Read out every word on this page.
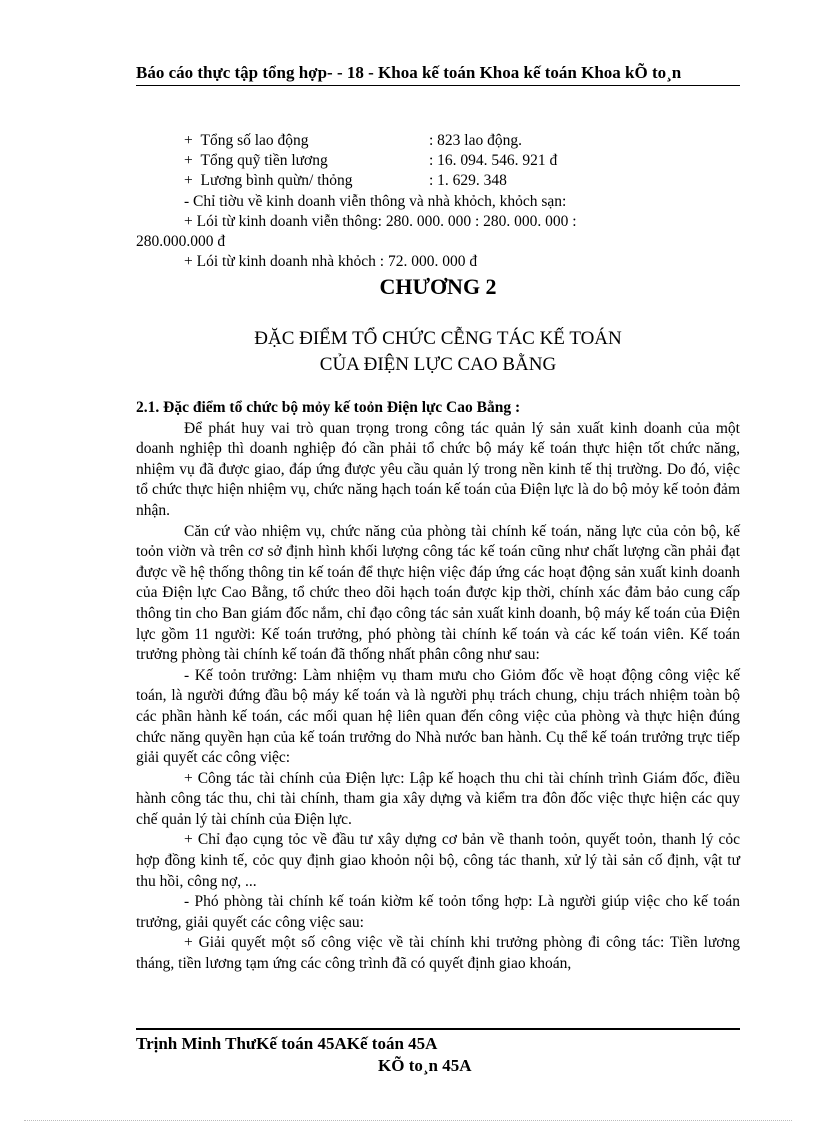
Báo cáo thực tập tổng hợp- - 18 - Khoa kế toán Khoa kế toán Khoa kÕ to¸n
+ Tổng số lao động	: 823 lao động.
+ Tổng quỹ tiền lương	: 16. 094. 546. 921 đ
+ Lương bình quừn/ thỏng	: 1. 629. 348
- Chỉ tiờu về kinh doanh viễn thông và nhà khỏch, khỏch sạn:
+ Lói từ kinh doanh viễn thông: 280. 000. 000 : 280. 000. 000 :
280.000.000 đ
+ Lói từ kinh doanh nhà khỏch : 72. 000. 000 đ
CHƯƠNG 2
ĐẶC ĐIỂM TỔ CHỨC CỄNG TÁC KẾ TOÁN
CỦA ĐIỆN LỰC CAO BẰNG

2.1. Đặc điểm tổ chức bộ mỏy kế toỏn Điện lực Cao Bằng :

Để phát huy vai trò quan trọng trong công tác quản lý sản xuất kinh doanh của một doanh nghiệp thì doanh nghiệp đó cần phải tổ chức bộ máy kế toán thực hiện tốt chức năng, nhiệm vụ đã được giao, đáp ứng được yêu cầu quản lý trong nền kinh tế thị trường. Do đó, việc tổ chức thực hiện nhiệm vụ, chức năng hạch toán kế toán của Điện lực là do bộ mỏy kế toỏn đảm nhận.

Căn cứ vào nhiệm vụ, chức năng của phòng tài chính kế toán, năng lực của cỏn bộ, kế toỏn viờn và trên cơ sở định hình khối lượng công tác kế toán cũng như chất lượng cần phải đạt được về hệ thống thông tin kế toán để thực hiện việc đáp ứng các hoạt động sản xuất kinh doanh của Điện lực Cao Bằng, tổ chức theo dõi hạch toán được kịp thời, chính xác đảm bảo cung cấp thông tin cho Ban giám đốc nắm, chỉ đạo công tác sản xuất kinh doanh, bộ máy kế toán của Điện lực gồm 11 người: Kế toán trưởng, phó phòng tài chính kế toán và các kế toán viên. Kế toán trưởng phòng tài chính kế toán đã thống nhất phân công như sau:

- Kế toỏn trưởng: Làm nhiệm vụ tham mưu cho Giỏm đốc về hoạt động công việc kế toán, là người đứng đầu bộ máy kế toán và là người phụ trách chung, chịu trách nhiệm toàn bộ các phần hành kế toán, các mối quan hệ liên quan đến công việc của phòng và thực hiện đúng chức năng quyền hạn của kế toán trưởng do Nhà nước ban hành. Cụ thể kế toán trưởng trực tiếp giải quyết các công việc:

+ Công tác tài chính của Điện lực: Lập kế hoạch thu chi tài chính trình Giám đốc, điều hành công tác thu, chi tài chính, tham gia xây dựng và kiểm tra đôn đốc việc thực hiện các quy chế quản lý tài chính của Điện lực.

+ Chỉ đạo cụng tỏc về đầu tư xây dựng cơ bản về thanh toỏn, quyết toỏn, thanh lý cỏc hợp đồng kinh tế, cỏc quy định giao khoỏn nội bộ, công tác thanh, xử lý tài sản cố định, vật tư thu hồi, công nợ, ...

- Phó phòng tài chính kế toán kiờm kế toỏn tổng hợp: Là người giúp việc cho kế toán trưởng, giải quyết các công việc sau:

+ Giải quyết một số công việc về tài chính khi trưởng phòng đi công tác: Tiền lương tháng, tiền lương tạm ứng các công trình đã có quyết định giao khoán,

Trịnh Minh ThưKế toán 45AKế toán 45A
KÕ to¸n 45A
